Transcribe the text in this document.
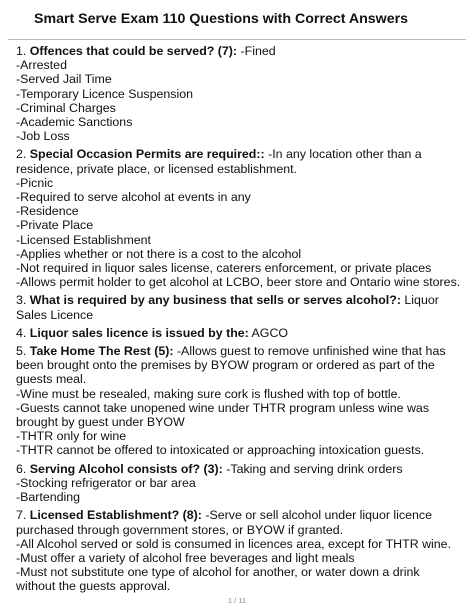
Smart Serve Exam 110 Questions with Correct Answers
1. Offences that could be served? (7): -Fined
-Arrested
-Served Jail Time
-Temporary Licence Suspension
-Criminal Charges
-Academic Sanctions
-Job Loss
2. Special Occasion Permits are required:: -In any location other than a residence, private place, or licensed establishment.
-Picnic
-Required to serve alcohol at events in any
-Residence
-Private Place
-Licensed Establishment
-Applies whether or not there is a cost to the alcohol
-Not required in liquor sales license, caterers enforcement, or private places
-Allows permit holder to get alcohol at LCBO, beer store and Ontario wine stores.
3. What is required by any business that sells or serves alcohol?: Liquor Sales Licence
4. Liquor sales licence is issued by the: AGCO
5. Take Home The Rest (5): -Allows guest to remove unfinished wine that has been brought onto the premises by BYOW program or ordered as part of the guests meal.
-Wine must be resealed, making sure cork is flushed with top of bottle.
-Guests cannot take unopened wine under THTR program unless wine was brought by guest under BYOW
-THTR only for wine
-THTR cannot be offered to intoxicated or approaching intoxication guests.
6. Serving Alcohol consists of? (3): -Taking and serving drink orders
-Stocking refrigerator or bar area
-Bartending
7. Licensed Establishment? (8): -Serve or sell alcohol under liquor licence purchased through government stores, or BYOW if granted.
-All Alcohol served or sold is consumed in licences area, except for THTR wine.
-Must offer a variety of alcohol free beverages and light meals
-Must not substitute one type of alcohol for another, or water down a drink without the guests approval.
1 / 11
